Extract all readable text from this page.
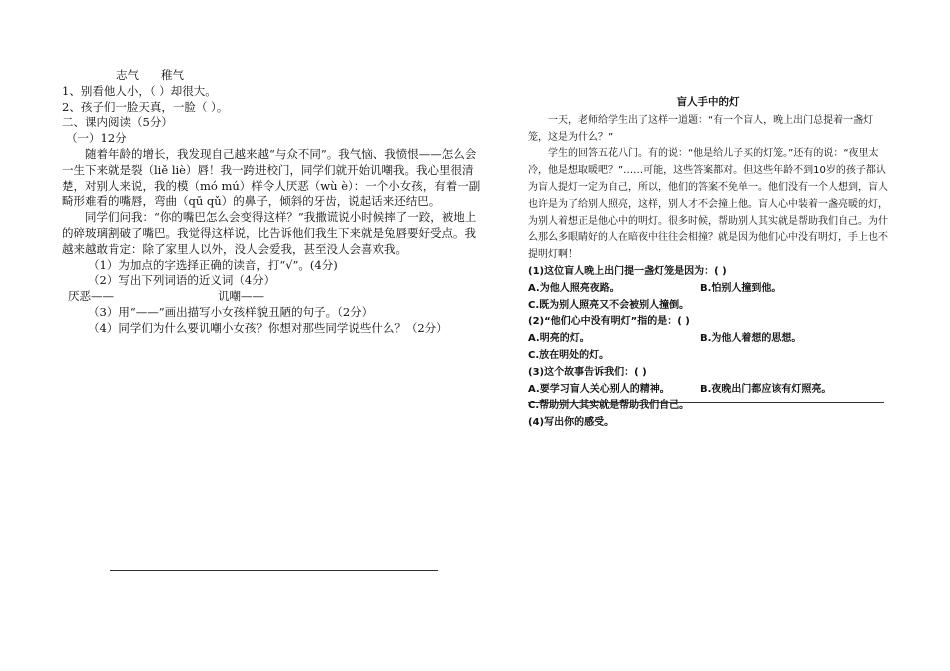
志气 稚气
1、别看他人小，（ ）却很大。
2、孩子们一脸天真，一脸（ ）。
二、课内阅读（5分）
（一）12分
随着年龄的增长，我发现自己越来越“与众不同”。我气恼、我愤恨——怎么会一生下来就是裂（liě liè）唇！我一跨进校门，同学们就开始讥嘲我。我心里很清楚，对别人来说，我的模（mó mú）样令人厌恶（wù è）：一个小女孩，有着一副畸形难看的嘴唇，弯曲（qū qǔ）的鼻子，倾斜的牙齿，说起话来还结巴。
同学们问我：“你的嘴巴怎么会变得这样？”我撒谎说小时候摔了一跤，被地上的碎玻璃割破了嘴巴。我觉得这样说，比告诉他们我生下来就是兔唇要好受点。我越来越敢肯定：除了家里人以外，没人会爱我，甚至没人会喜欢我。
（1）为加点的字选择正确的读音，打“√”。(4分)
（2）写出下列词语的近义词（4分）
厌恶——	讥嘲——
（3）用“——”画出描写小女孩样貌丑陋的句子。（2分）
（4）同学们为什么要讥嘲小女孩？你想对那些同学说些什么？（2分）
盲人手中的灯
一天，老师给学生出了这样一道题：“有一个盲人，晚上出门总提着一盏灯笼，这是为什么？”
学生的回答五花八门。有的说：“他是给儿子买的灯笼。”还有的说：“夜里太冷，他是想取暖吧？”……可能，这些答案都对。但这些年龄不到10岁的孩子都认为盲人提灯一定为自己，所以，他们的答案不免单一。他们没有一个人想到，盲人也许是为了给别人照亮，这样，别人才不会撞上他。盲人心中装着一盏亮暖的灯，为别人着想正是他心中的明灯。很多时候，帮助别人其实就是帮助我们自己。为什么那么多眼睛好的人在暗夜中往往会相撞？就是因为他们心中没有明灯，手上也不提明灯啊！
(1)这位盲人晚上出门提一盏灯笼是因为：( )
A.为他人照亮夜路。	B.怕别人撞到他。
C.既为别人照亮又不会被别人撞倒。
(2)“他们心中没有明灯”指的是：( )
A.明亮的灯。	B.为他人着想的思想。
C.放在明处的灯。
(3)这个故事告诉我们：( )
A.要学习盲人关心别人的精神。	B.夜晚出门都应该有灯照亮。
C.帮助别人其实就是帮助我们自己。
(4)写出你的感受。
